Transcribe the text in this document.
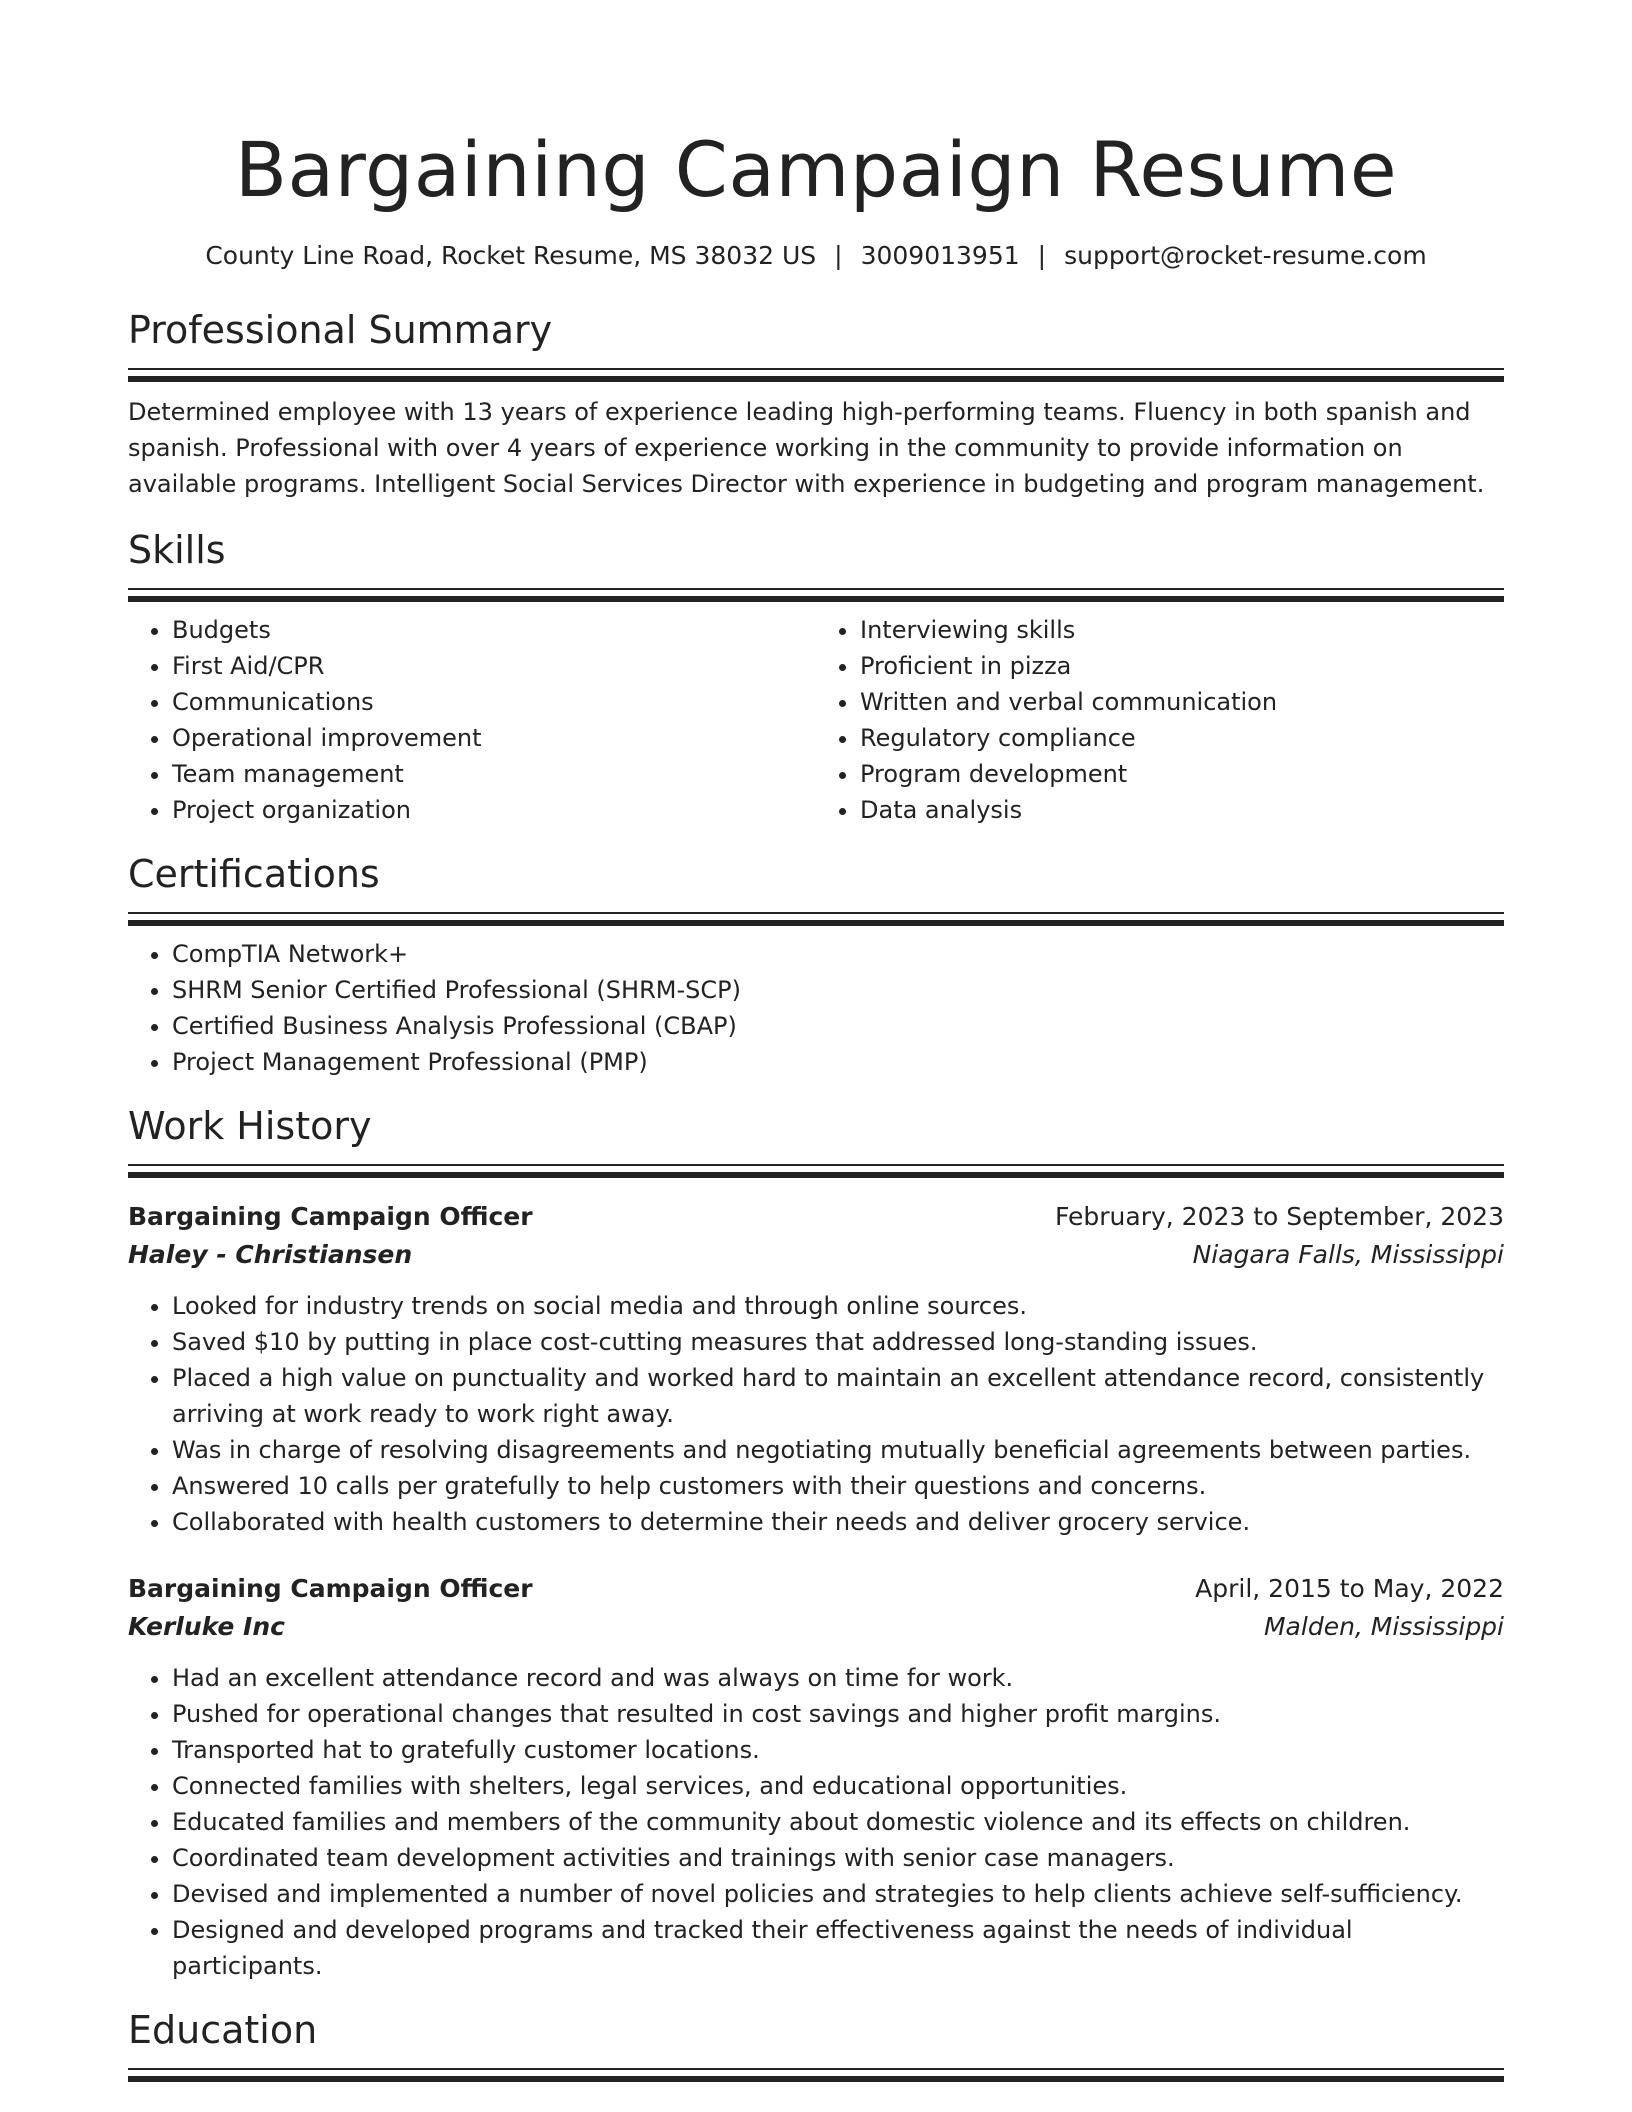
Bargaining Campaign Resume
County Line Road, Rocket Resume, MS 38032 US | 3009013951 | support@rocket-resume.com
Professional Summary

Determined employee with 13 years of experience leading high-performing teams. Fluency in both spanish and spanish. Professional with over 4 years of experience working in the community to provide information on available programs. Intelligent Social Services Director with experience in budgeting and program management.

Skills
• Budgets
• First Aid/CPR
• Communications
• Operational improvement
• Team management
• Project organization
• Interviewing skills
• Proficient in pizza
• Written and verbal communication
• Regulatory compliance
• Program development
• Data analysis
Certifications
• CompTIA Network+
• SHRM Senior Certified Professional (SHRM-SCP)
• Certified Business Analysis Professional (CBAP)
• Project Management Professional (PMP)
Work History
Bargaining Campaign Officer	February, 2023 to September, 2023
Haley - Christiansen	Niagara Falls, Mississippi
• Looked for industry trends on social media and through online sources.
• Saved $10 by putting in place cost-cutting measures that addressed long-standing issues.
• Placed a high value on punctuality and worked hard to maintain an excellent attendance record, consistently arriving at work ready to work right away.
• Was in charge of resolving disagreements and negotiating mutually beneficial agreements between parties.
• Answered 10 calls per gratefully to help customers with their questions and concerns.
• Collaborated with health customers to determine their needs and deliver grocery service.
Bargaining Campaign Officer	April, 2015 to May, 2022
Kerluke Inc	Malden, Mississippi
• Had an excellent attendance record and was always on time for work.
• Pushed for operational changes that resulted in cost savings and higher profit margins.
• Transported hat to gratefully customer locations.
• Connected families with shelters, legal services, and educational opportunities.
• Educated families and members of the community about domestic violence and its effects on children.
• Coordinated team development activities and trainings with senior case managers.
• Devised and implemented a number of novel policies and strategies to help clients achieve self-sufficiency.
• Designed and developed programs and tracked their effectiveness against the needs of individual participants.
Education
